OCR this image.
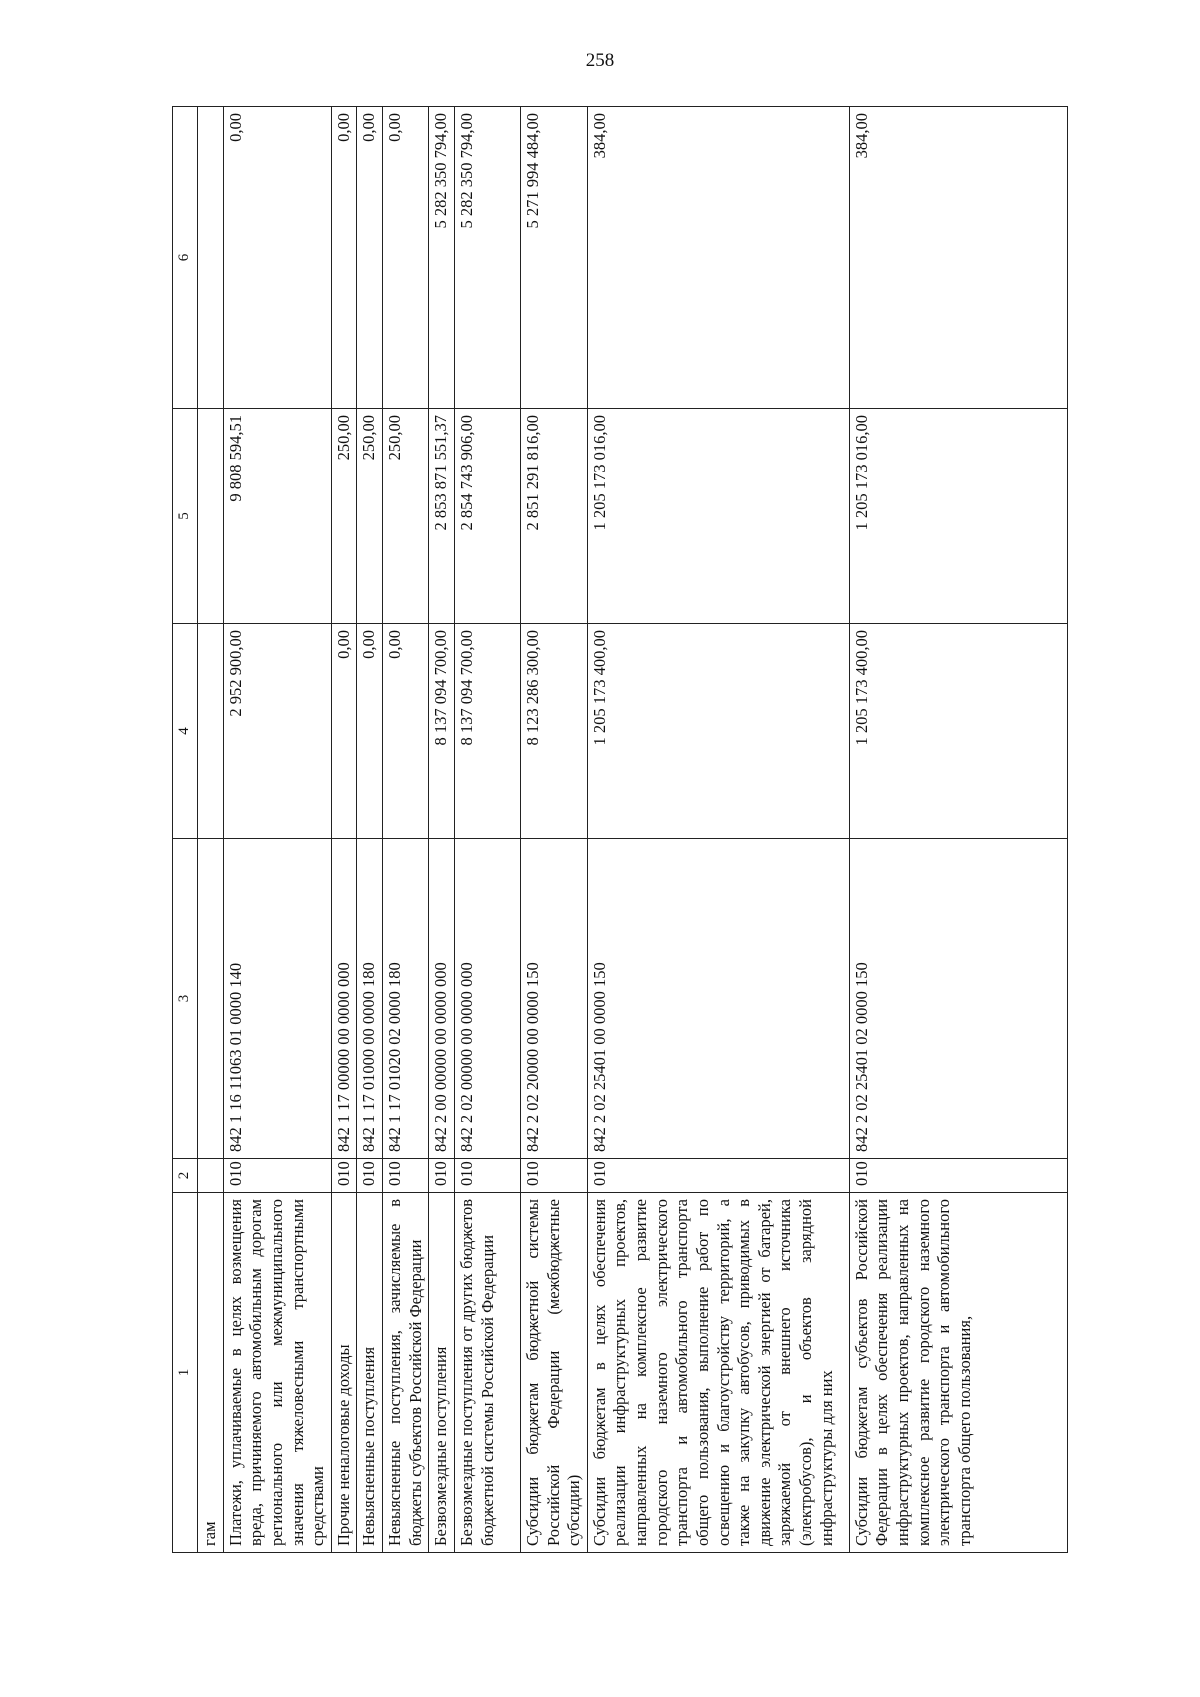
258
1	2	3	4	5	6
гам					
Платежи, уплачиваемые в целях возмещения вреда, причиняемого автомобильным дорогам регионального или межмуниципального значения тяжеловесными транспортными средствами	010	842 1 16 11063 01 0000 140	2 952 900,00	9 808 594,51	0,00
Прочие неналоговые доходы	010	842 1 17 00000 00 0000 000	0,00	250,00	0,00
Невыясненные поступления	010	842 1 17 01000 00 0000 180	0,00	250,00	0,00
Невыясненные поступления, зачисляемые в бюджеты субъектов Российской Федерации	010	842 1 17 01020 02 0000 180	0,00	250,00	0,00
Безвозмездные поступления	010	842 2 00 00000 00 0000 000	8 137 094 700,00	2 853 871 551,37	5 282 350 794,00
Безвозмездные поступления от других бюджетов бюджетной системы Российской Федерации	010	842 2 02 00000 00 0000 000	8 137 094 700,00	2 854 743 906,00	5 282 350 794,00
Субсидии бюджетам бюджетной системы Российской Федерации (межбюджетные субсидии)	010	842 2 02 20000 00 0000 150	8 123 286 300,00	2 851 291 816,00	5 271 994 484,00
Субсидии бюджетам в целях обеспечения реализации инфраструктурных проектов, направленных на комплексное развитие городского наземного электрического транспорта и автомобильного транспорта общего пользования, выполнение работ по освещению и благоустройству территорий, а также на закупку автобусов, приводимых в движение электрической энергией от батарей, заряжаемой от внешнего источника (электробусов), и объектов зарядной инфраструктуры для них	010	842 2 02 25401 00 0000 150	1 205 173 400,00	1 205 173 016,00	384,00
Субсидии бюджетам субъектов Российской Федерации в целях обеспечения реализации инфраструктурных проектов, направленных на комплексное развитие городского наземного электрического транспорта и автомобильного транспорта общего пользования,	010	842 2 02 25401 02 0000 150	1 205 173 400,00	1 205 173 016,00	384,00
